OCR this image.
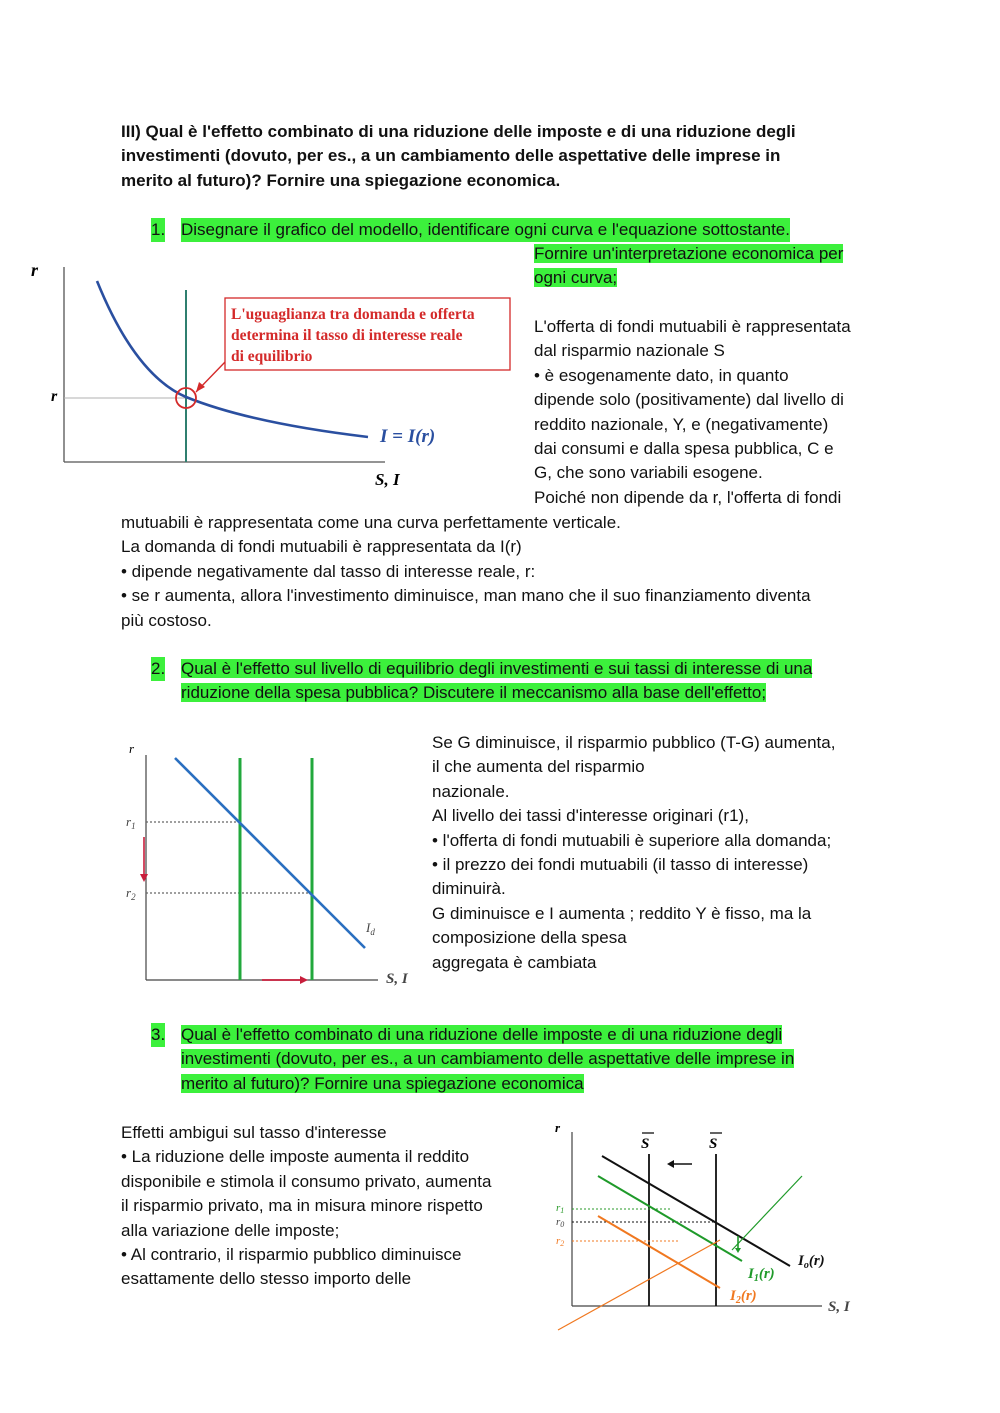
III) Qual è l'effetto combinato di una riduzione delle imposte e di una riduzione degli
investimenti (dovuto, per es., a un cambiamento delle aspettative delle imprese in
merito al futuro)? Fornire una spiegazione economica.
1. Disegnare il grafico del modello, identificare ogni curva e l'equazione sottostante.
Fornire un'interpretazione economica per
ogni curva;
r
r
L'uguaglianza tra domanda e offerta
determina il tasso di interesse reale
di equilibrio
I = I(r)
S, I
L'offerta di fondi mutuabili è rappresentata
dal risparmio nazionale S
• è esogenamente dato, in quanto
dipende solo (positivamente) dal livello di
reddito nazionale, Y, e (negativamente)
dai consumi e dalla spesa pubblica, C e
G, che sono variabili esogene.
Poiché non dipende da r, l'offerta di fondi
mutuabili è rappresentata come una curva perfettamente verticale.
La domanda di fondi mutuabili è rappresentata da I(r)
• dipende negativamente dal tasso di interesse reale, r:
• se r aumenta, allora l'investimento diminuisce, man mano che il suo finanziamento diventa
più costoso.
2. Qual è l'effetto sul livello di equilibrio degli investimenti e sui tassi di interesse di una
riduzione della spesa pubblica? Discutere il meccanismo alla base dell'effetto;
r
$r_1$
$r_2$
$I_d$
S, I
Se G diminuisce, il risparmio pubblico (T-G) aumenta,
il che aumenta del risparmio
nazionale.
Al livello dei tassi d'interesse originari (r1),
• l'offerta di fondi mutuabili è superiore alla domanda;
• il prezzo dei fondi mutuabili (il tasso di interesse)
diminuirà.
G diminuisce e I aumenta ; reddito Y è fisso, ma la
composizione della spesa
aggregata è cambiata
3. Qual è l'effetto combinato di una riduzione delle imposte e di una riduzione degli
investimenti (dovuto, per es., a un cambiamento delle aspettative delle imprese in
merito al futuro)? Fornire una spiegazione economica
Effetti ambigui sul tasso d'interesse
• La riduzione delle imposte aumenta il reddito
disponibile e stimola il consumo privato, aumenta
il risparmio privato, ma in misura minore rispetto
alla variazione delle imposte;
• Al contrario, il risparmio pubblico diminuisce
esattamente dello stesso importo delle
r
S	S
r1
r0
r2
$I_o(r)$
$I_1(r)$
$I_2(r)$
S, I
